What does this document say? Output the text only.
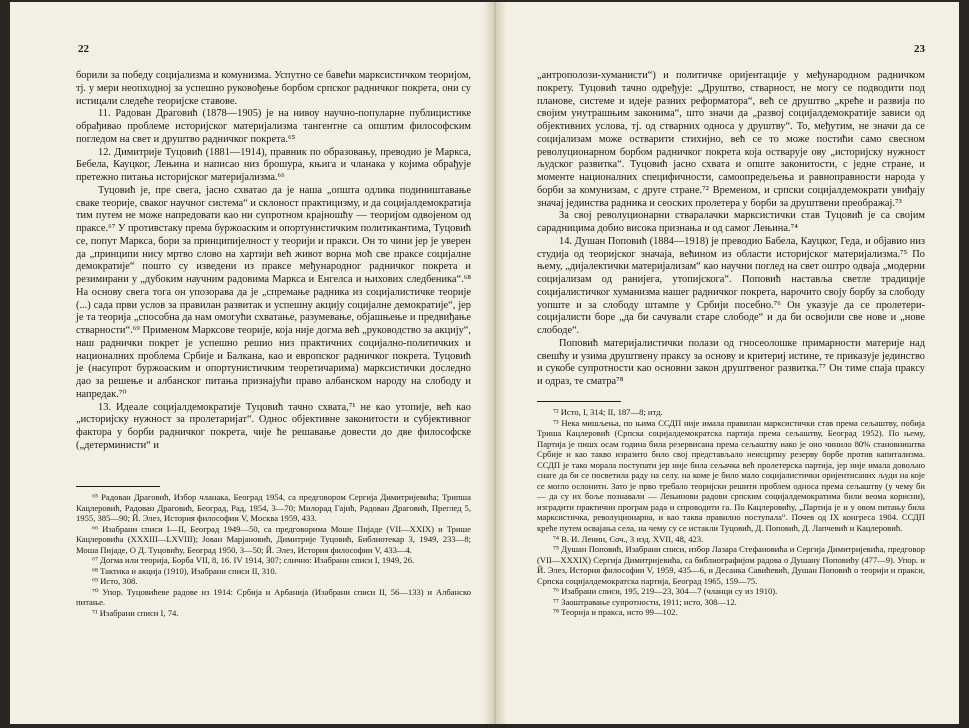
22

борили за победу социјализма и комунизма. Успутно се бавећи марксистичком теоријом, тј. у мери неопходној за успешно руковођење борбом српског радничког покрета, они су истицали следеће теоријске ставове.

11. Радован Драговић (1878—1905) је на нивоу научно-популарне публицистике обрађивао проблеме историјског материјализма тангентне са општим философским погледом на свет и друштво радничког покрета.⁶⁵

12. Димитрије Туцовић (1881—1914), правник по образовању, преводио је Маркса, Бебела, Кауцког, Лењина и написао низ брошура, књига и чланака у којима обрађује претежно питања историјског материјализма.⁶⁶

Туцовић је, пре свега, јасно схватао да је наша „општа одлика подиништавање сваке теорије, сваког научног система“ и склоност практицизму, и да социјалдемократија тим путем не може напредовати као ни супротном крајношћу — теоријом одвојеном од праксе.⁶⁷ У противстаку према буржоаским и опортунистичким политикантима, Туцовић се, попут Маркса, бори за принципијелност у теорији и пракси. Он то чини јер је уверен да „принципи нису мртво слово на хартији већ живот ворна моћ све праксе социјалне демократије“ пошто су изведени из праксе међународног радничког покрета и резимирани у „дубоким научним радовима Маркса и Енгелса и њихових следбеника“.⁶⁸ На основу свега тога он упозорава да је „спремање радника из социјалистичке теорије (...) сада први услов за правилан развитак и успешну акцију социјалне демократије“, јер је та теорија „способна да нам омогући схватање, разумевање, објашњење и предвиђање стварности“.⁶⁹ Применом Марксове теорије, која није догма већ „руководство за акцију“, наш раднички покрет је успешно решио низ практичних социјално-политичких и националних проблема Србије и Балкана, као и европског радничког покрета. Туцовић је (насупрот буржоаским и опортунистичким теоретичарима) марксистички доследно дао за решење и албанског питања признајући право албанском народу на слободу и напредак.⁷⁰

13. Идеале социјалдемократије Туцовић тачно схвата,⁷¹ не као утопије, већ као „историјску нужност за пролетаријат“. Однос објективне законитости и субјективног фактора у борби радничког покрета, чије ће решавање довести до две философске („детерминисти“ и

⁶⁵ Радован Драговић, Избор чланака, Београд 1954, са предговором Сергија Димитријевића; Трипша Кацлеровић, Радован Драговић, Београд, Рад, 1954, 3—70; Милорад Гајић, Радован Драговић, Преглед 5, 1955, 385—90; Й. Элез, История философии V, Москва 1959, 433.

⁶⁶ Изабрани списи I—II, Београд 1949—50, са предговорима Моше Пијаде (VII—XXIX) и Трише Кацлеровића (XXXIII—LXVIII); Јован Марјановић, Димитрије Туцовић, Библиотекар 3, 1949, 233—8; Моша Пијаде, О Д. Туцовићу, Београд 1950, 3—50; Й. Элез, История философии V, 433—4.

⁶⁷ Догма или теорија, Борба VII, 8, 16. IV 1914, 307; слично: Изабрани списи I, 1949, 26.

⁶⁸ Тактика и акција (1910), Изабрани списи II, 310.

⁶⁹ Исто, 308.

⁷⁰ Упор. Туцовићеве радове из 1914: Србија и Арбанија (Изабрани списи II, 56—133) и Албанско питање.

⁷¹ Изабрани списи I, 74.

23

„антрополози-хуманисти“) и политичке оријентације у међународном радничком покрету. Туцовић тачно одређује: „Друштво, стварност, не могу се подводити под планове, системе и идеје разних реформатора“, већ се друштво „креће и развија по својим унутрашњим законима“, што значи да „развој социјалдемократије зависи од објективних услова, тј. од стварних односа у друштву“. То, међутим, не значи да се социјализам може остварити стихијно, већ се то може постићи само свесном револуционарном борбом радничког покрета која остварује ову „историјску нужност људског развитка“. Туцовић јасно схвата и опште законитости, с једне стране, и моменте националних специфичности, самоопредељења и равноправности народа у борби за комунизам, с друге стране.⁷² Временом, и српски социјалдемократи увиђају значај јединства радника и сеоских пролетера у борби за друштвени преображај.⁷³

За свој револуционарни стваралачки марксистички став Туцовић је са својим сарадницима добио висока признања и од самог Лењина.⁷⁴

14. Душан Поповић (1884—1918) је преводио Бабела, Кауцког, Геда, и објавио низ студија од теоријског значаја, већином из области историјског материјализма.⁷⁵ По њему, „дијалектички материјализам“ као научни поглед на свет оштро одваја „модерни социјализам од ранијега, утопијскога“. Поповић наставља светле традиције социјалистичког хуманизма нашег радничког покрета, нарочито своју борбу за слободу уопште и за слободу штампе у Србији посебно.⁷⁶ Он указује да се пролетери-социјалисти боре „да би сачували старе слободе“ и да би освојили све нове и „нове слободе“.

Поповић материјалистички полази од гносеолошке примарности материје над свешћу и узима друштвену праксу за основу и критериј истине, те приказује јединство и сукобе супротности као основни закон друштвеног развитка.⁷⁷ Он тиме спаја праксу и одраз, те сматра⁷⁸

⁷² Исто, I, 314; II, 187—8; итд.

⁷³ Нека мишљења, по њима ССДП није имала правилан марксистички став према сељаштву, побија Триша Кацлеровић (Српска социјалдемократска партија према сељаштву, Београд 1952). По њему, Партија је пишх осам година била резервисана према сељаштву иако је оно чинило 80% становништва Србије и као такво изразито било свој представљало неисцрпну резерву борбе против капитализма. ССДП је тако морала поступати јер није била сељачка већ пролетерска партија, јер није имала довољно снаге да би се посветила раду на селу. на коме је било мало социјалистички оријентисаних људи на које се могло ослонити. Зато је прво требало теоријски решити проблем односа према сељаштву (у чему би — да су их боље познавали — Лењинови радови српским социјалдемократима били веома корисни), изградити практични програм рада и спроводити га. По Кацлеровићу, „Партија је и у овом питању била марксистичка, револуционарна, и као таква правилно поступала“. Почев од IX конгреса 1904. ССДП креће путем освајања села, на чему су се истакли Туцовић, Д. Поповић, Д. Лапчевић и Кацлеровић.

⁷⁴ В. И. Ленин, Соч., 3 изд. XVII, 48, 423.

⁷⁵ Душан Поповић, Изабрани списи, избор Лазара Стефановића и Сергија Димитријевића, предговор (VII—XXXIX) Сергија Димитријевића, са библиографијом радова о Душану Поповићу (477—9). Упор. и Й. Элез, История философии V, 1959, 435—6, и Десанка Савићевић, Душан Поповић о теорији и пракси, Српска социјалдемократска партија, Београд 1965, 159—75.

⁷⁶ Изабрани списи, 195, 219—23, 304—7 (чланци су из 1910).

⁷⁷ Заоштравање супротности, 1911; исто, 308—12.

⁷⁸ Теорија и пракса, исто 99—102.
